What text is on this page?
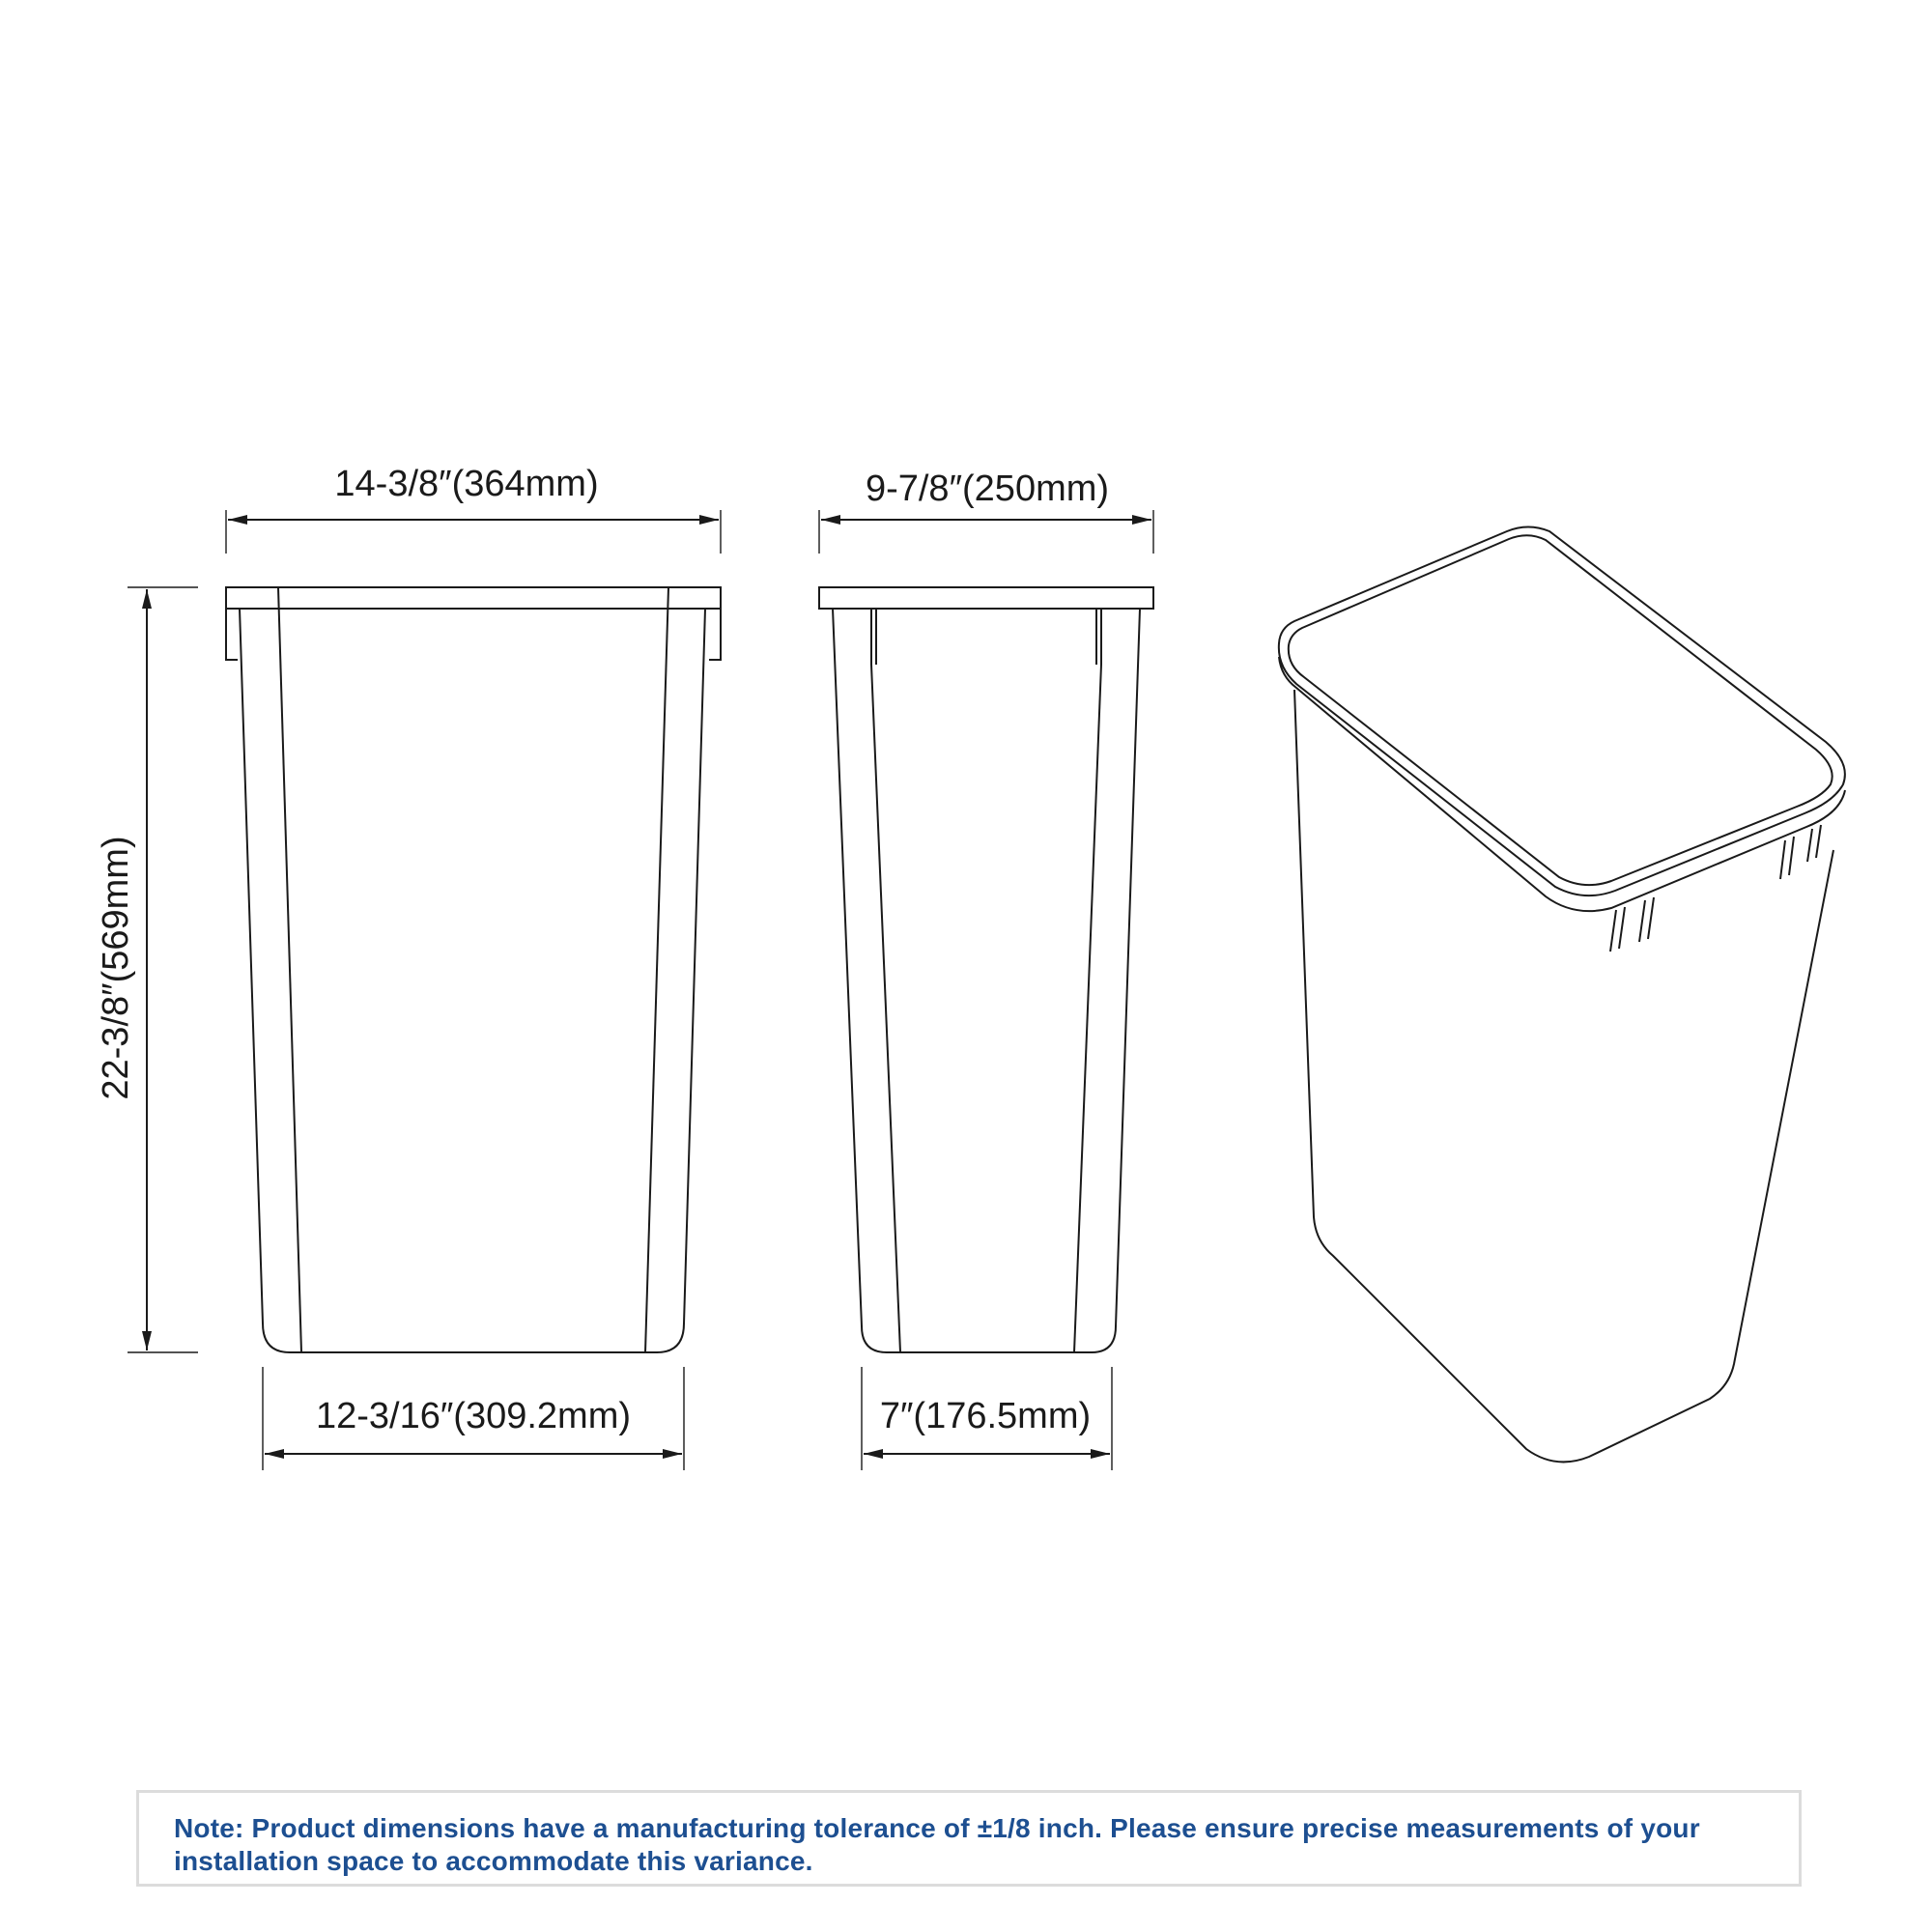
14-3/8″(364mm)
22-3/8″(569mm)
12-3/16″(309.2mm)
9-7/8″(250mm)
7″(176.5mm)
Note: Product dimensions have a manufacturing tolerance of ±1/8 inch. Please ensure precise measurements of your installation space to accommodate this variance.
